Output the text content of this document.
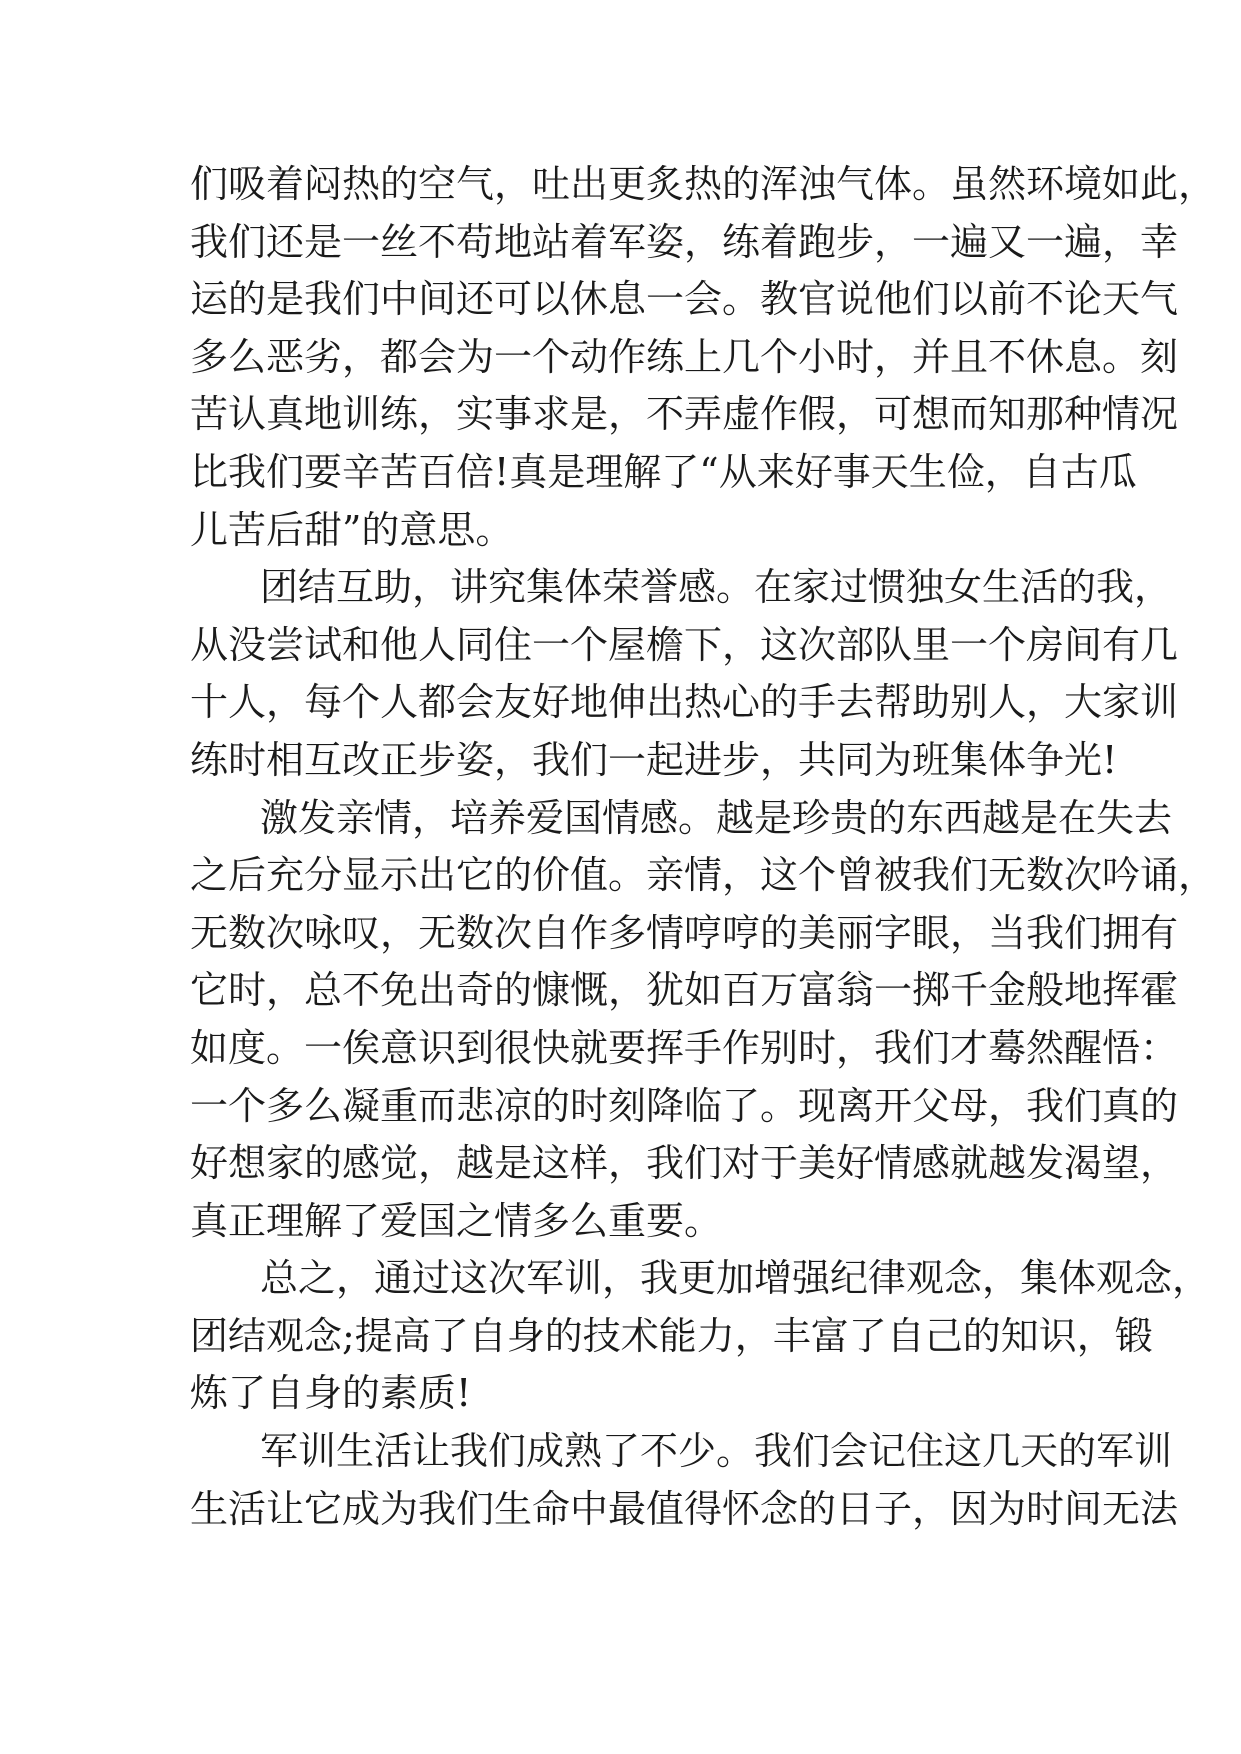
们吸着闷热的空气，吐出更炙热的浑浊气体。虽然环境如此，
我们还是一丝不苟地站着军姿，练着跑步，一遍又一遍，幸
运的是我们中间还可以休息一会。教官说他们以前不论天气
多么恶劣，都会为一个动作练上几个小时，并且不休息。刻
苦认真地训练，实事求是，不弄虚作假，可想而知那种情况
比我们要辛苦百倍!真是理解了“从来好事天生俭，自古瓜
儿苦后甜”的意思。
团结互助，讲究集体荣誉感。在家过惯独女生活的我，
从没尝试和他人同住一个屋檐下，这次部队里一个房间有几
十人，每个人都会友好地伸出热心的手去帮助别人，大家训
练时相互改正步姿，我们一起进步，共同为班集体争光!
激发亲情，培养爱国情感。越是珍贵的东西越是在失去
之后充分显示出它的价值。亲情，这个曾被我们无数次吟诵，
无数次咏叹，无数次自作多情哼哼的美丽字眼，当我们拥有
它时，总不免出奇的慷慨，犹如百万富翁一掷千金般地挥霍
如度。一俟意识到很快就要挥手作别时，我们才蓦然醒悟：
一个多么凝重而悲凉的时刻降临了。现离开父母，我们真的
好想家的感觉，越是这样，我们对于美好情感就越发渴望，
真正理解了爱国之情多么重要。
总之，通过这次军训，我更加增强纪律观念，集体观念，
团结观念;提高了自身的技术能力，丰富了自己的知识，锻
炼了自身的素质!
军训生活让我们成熟了不少。我们会记住这几天的军训
生活让它成为我们生命中最值得怀念的日子，因为时间无法
